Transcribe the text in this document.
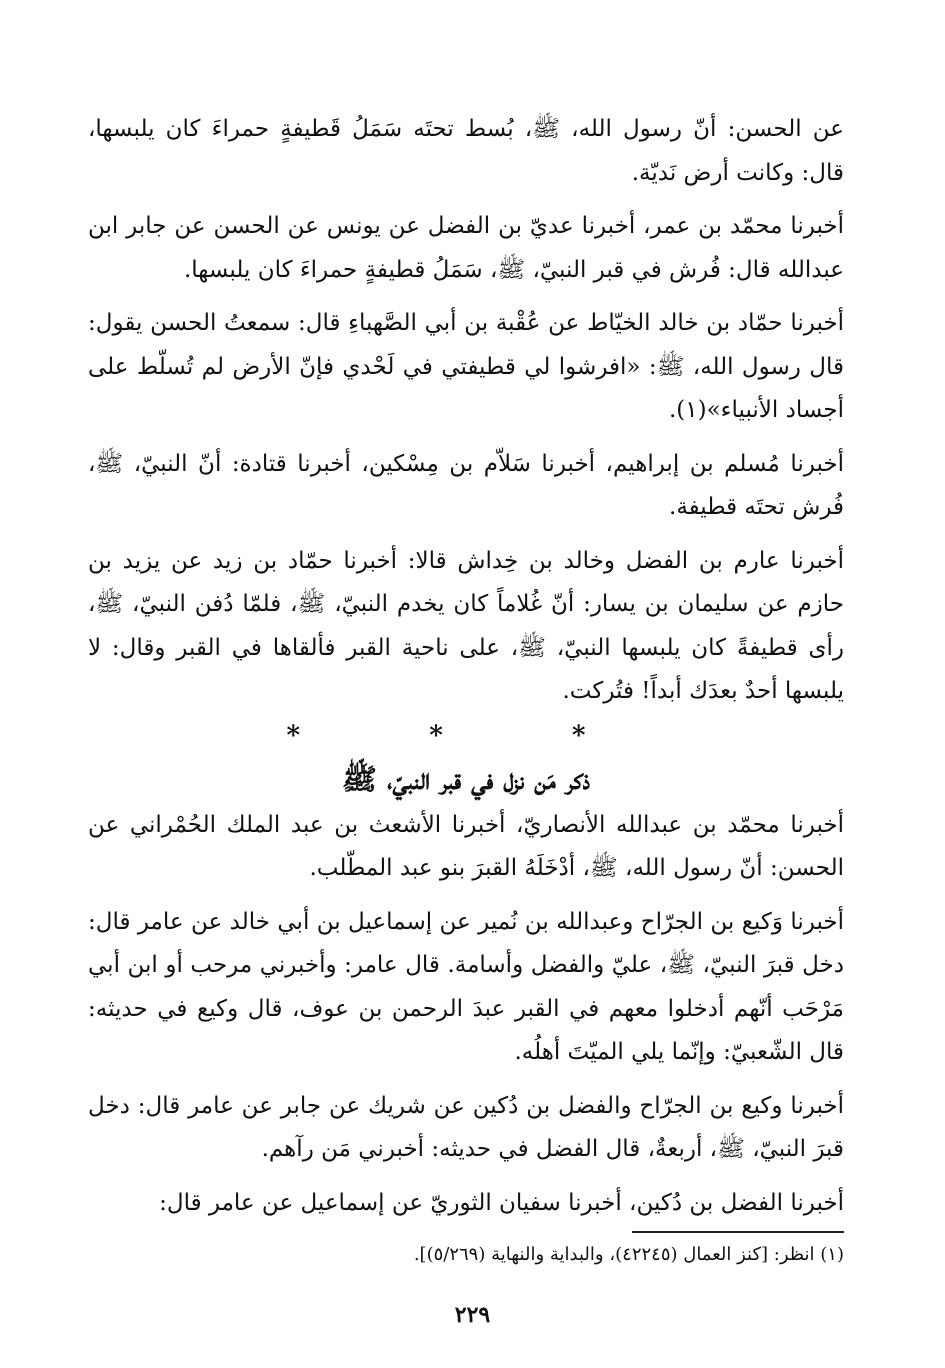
عن الحسن: أنّ رسول الله، ﷺ، بُسط تحتَه سَمَلُ قَطيفةٍ حمراءَ كان يلبسها، قال: وكانت أرض نَديّة.

أخبرنا محمّد بن عمر، أخبرنا عديّ بن الفضل عن يونس عن الحسن عن جابر ابن عبدالله قال: فُرش في قبر النبيّ، ﷺ، سَمَلُ قطيفةٍ حمراءَ كان يلبسها.

أخبرنا حمّاد بن خالد الخيّاط عن عُقْبة بن أبي الصَّهباءِ قال: سمعتُ الحسن يقول: قال رسول الله، ﷺ: «افرشوا لي قطيفتي في لَحْدي فإنّ الأرض لم تُسلّط على أجساد الأنبياء»(١).

أخبرنا مُسلم بن إبراهيم، أخبرنا سَلاّم بن مِسْكين، أخبرنا قتادة: أنّ النبيّ، ﷺ، فُرش تحتَه قطيفة.

أخبرنا عارم بن الفضل وخالد بن خِداش قالا: أخبرنا حمّاد بن زيد عن يزيد بن حازم عن سليمان بن يسار: أنّ غُلاماً كان يخدم النبيّ، ﷺ، فلمّا دُفن النبيّ، ﷺ، رأى قطيفةً كان يلبسها النبيّ، ﷺ، على ناحية القبر فألقاها في القبر وقال: لا يلبسها أحدٌ بعدَك أبداً! فتُركت.

* * *
ذكر مَن نزل في قبر النبيّ، ﷺ

أخبرنا محمّد بن عبدالله الأنصاريّ، أخبرنا الأشعث بن عبد الملك الحُمْراني عن الحسن: أنّ رسول الله، ﷺ، أدْخَلَهُ القبرَ بنو عبد المطّلب.

أخبرنا وَكيع بن الجرّاح وعبدالله بن نُمير عن إسماعيل بن أبي خالد عن عامر قال: دخل قبرَ النبيّ، ﷺ، عليّ والفضل وأسامة. قال عامر: وأخبرني مرحب أو ابن أبي مَرْحَب أنّهم أدخلوا معهم في القبر عبدَ الرحمن بن عوف، قال وكيع في حديثه: قال الشّعبيّ: وإنّما يلي الميّتَ أهلُه.

أخبرنا وكيع بن الجرّاح والفضل بن دُكين عن شريك عن جابر عن عامر قال: دخل قبرَ النبيّ، ﷺ، أربعةٌ، قال الفضل في حديثه: أخبرني مَن رآهم.

أخبرنا الفضل بن دُكين، أخبرنا سفيان الثوريّ عن إسماعيل عن عامر قال:

(١) انظر: [كنز العمال (٤٢٢٤٥)، والبداية والنهاية (٥/٢٦٩)].
٢٢٩
